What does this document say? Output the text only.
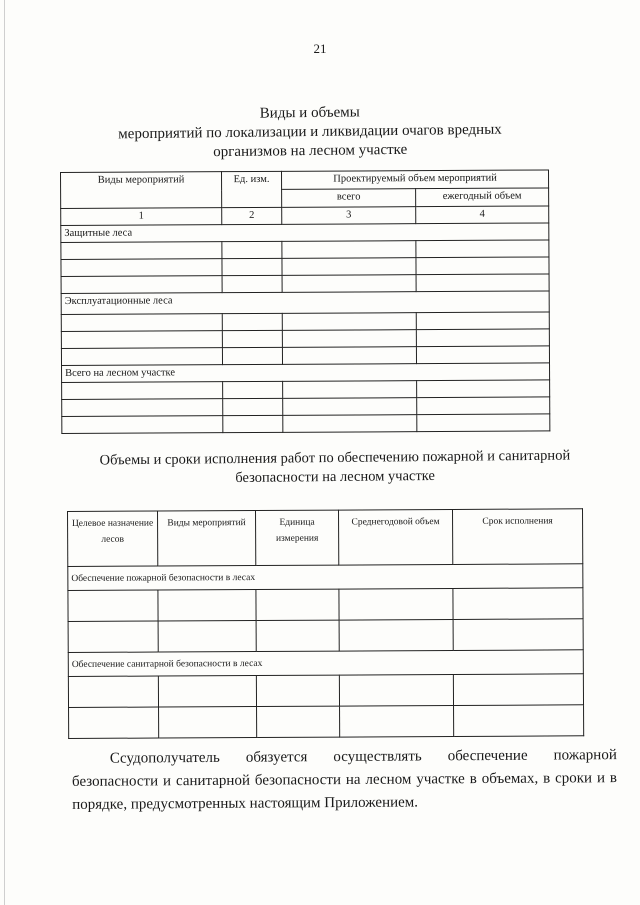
21
Виды и объемы
мероприятий по локализации и ликвидации очагов вредных
организмов на лесном участке
Виды мероприятий	Ед. изм.	Проектируемый объем мероприятий	
		всего	ежегодный объем
1	2	3	4
Защитные леса			

Эксплуатационные леса			

Всего на лесном участке			

Объемы и сроки исполнения работ по обеспечению пожарной и санитарной
безопасности на лесном участке
Целевое назначение лесов	Виды мероприятий	Единица измерения	Среднегодовой объем	Срок исполнения
Обеспечение пожарной безопасности в лесах				

Обеспечение санитарной безопасности в лесах				

Ссудополучатель обязуется осуществлять обеспечение пожарной безопасности и санитарной безопасности на лесном участке в объемах, в сроки и в порядке, предусмотренных настоящим Приложением.
